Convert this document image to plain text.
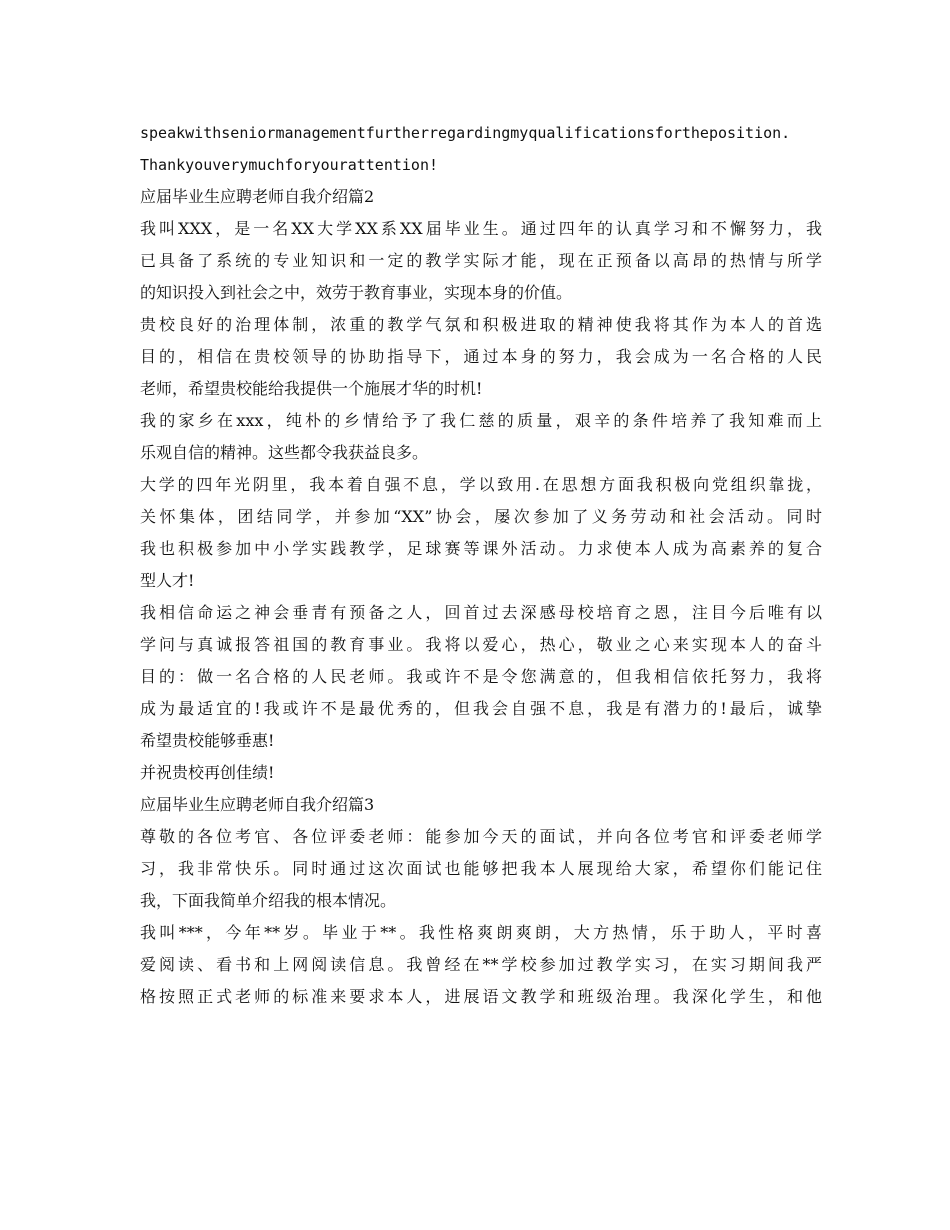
speakwithseniormanagementfurtherregardingmyqualificationsfortheposition.
Thankyouverymuchforyourattention!
应届毕业生应聘老师自我介绍篇2
我叫XXX，是一名XX大学XX系XX届毕业生。通过四年的认真学习和不懈努力，我
已具备了系统的专业知识和一定的教学实际才能，现在正预备以高昂的热情与所学
的知识投入到社会之中，效劳于教育事业，实现本身的价值。
贵校良好的治理体制，浓重的教学气氛和积极进取的精神使我将其作为本人的首选
目的，相信在贵校领导的协助指导下，通过本身的努力，我会成为一名合格的人民
老师，希望贵校能给我提供一个施展才华的时机!
我的家乡在xxx，纯朴的乡情给予了我仁慈的质量，艰辛的条件培养了我知难而上
乐观自信的精神。这些都令我获益良多。
大学的四年光阴里，我本着自强不息，学以致用.在思想方面我积极向党组织靠拢，
关怀集体，团结同学，并参加“XX”协会，屡次参加了义务劳动和社会活动。同时
我也积极参加中小学实践教学，足球赛等课外活动。力求使本人成为高素养的复合
型人才!
我相信命运之神会垂青有预备之人，回首过去深感母校培育之恩，注目今后唯有以
学问与真诚报答祖国的教育事业。我将以爱心，热心，敬业之心来实现本人的奋斗
目的：做一名合格的人民老师。我或许不是令您满意的，但我相信依托努力，我将
成为最适宜的!我或许不是最优秀的，但我会自强不息，我是有潜力的!最后，诚挚
希望贵校能够垂惠!
并祝贵校再创佳绩!
应届毕业生应聘老师自我介绍篇3
尊敬的各位考官、各位评委老师：能参加今天的面试，并向各位考官和评委老师学
习，我非常快乐。同时通过这次面试也能够把我本人展现给大家，希望你们能记住
我，下面我简单介绍我的根本情况。
我叫***，今年**岁。毕业于**。我性格爽朗爽朗，大方热情，乐于助人，平时喜
爱阅读、看书和上网阅读信息。我曾经在**学校参加过教学实习，在实习期间我严
格按照正式老师的标准来要求本人，进展语文教学和班级治理。我深化学生，和他
